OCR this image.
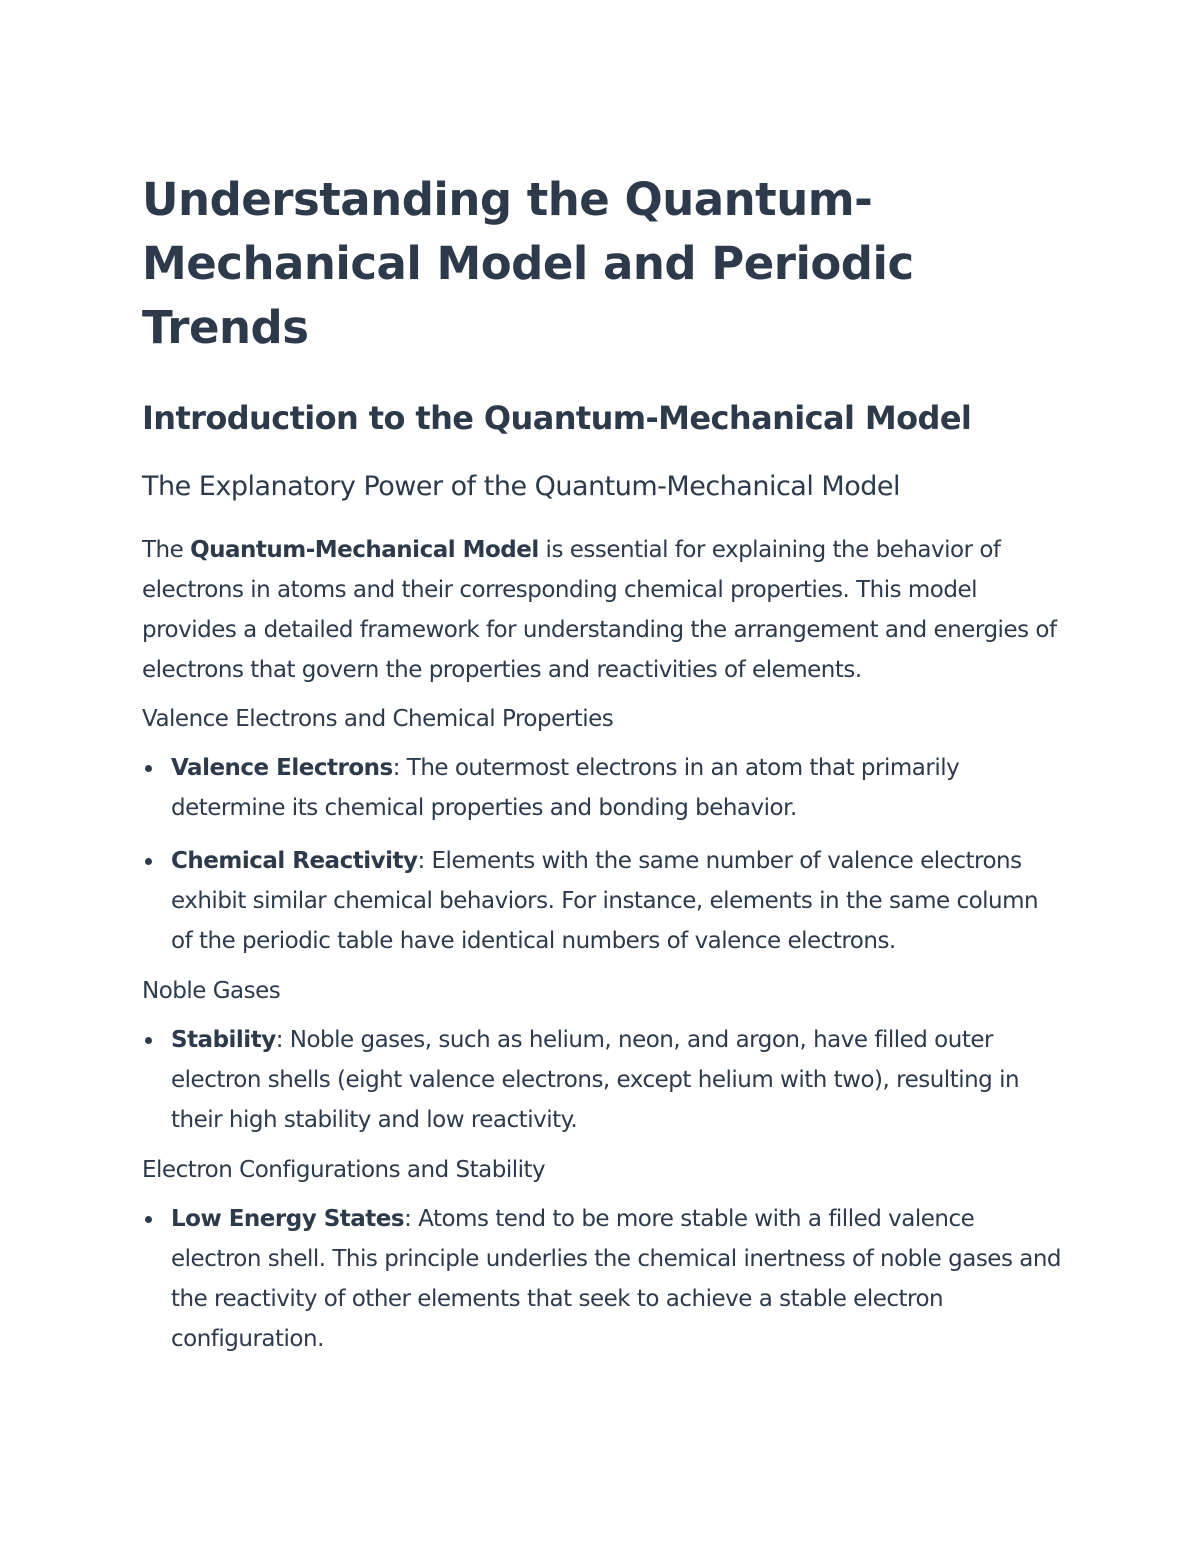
Understanding the Quantum-Mechanical Model and Periodic Trends
Introduction to the Quantum-Mechanical Model
The Explanatory Power of the Quantum-Mechanical Model

The Quantum-Mechanical Model is essential for explaining the behavior of electrons in atoms and their corresponding chemical properties. This model provides a detailed framework for understanding the arrangement and energies of electrons that govern the properties and reactivities of elements.

Valence Electrons and Chemical Properties
Valence Electrons: The outermost electrons in an atom that primarily determine its chemical properties and bonding behavior.
Chemical Reactivity: Elements with the same number of valence electrons exhibit similar chemical behaviors. For instance, elements in the same column of the periodic table have identical numbers of valence electrons.
Noble Gases
Stability: Noble gases, such as helium, neon, and argon, have filled outer electron shells (eight valence electrons, except helium with two), resulting in their high stability and low reactivity.
Electron Configurations and Stability
Low Energy States: Atoms tend to be more stable with a filled valence electron shell. This principle underlies the chemical inertness of noble gases and the reactivity of other elements that seek to achieve a stable electron configuration.
